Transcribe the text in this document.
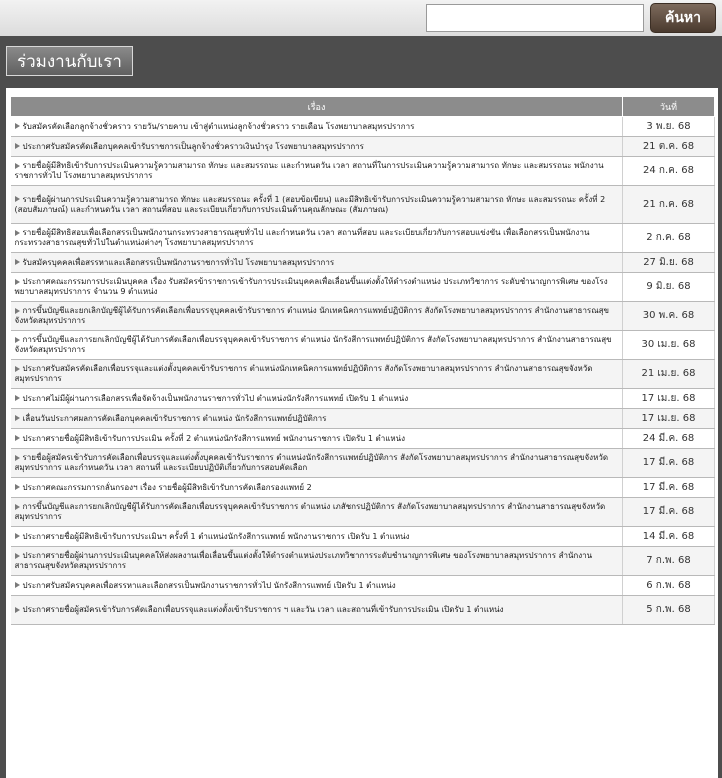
ค้นหา
ร่วมงานกับเรา
เรื่อง	วันที่
รับสมัครคัดเลือกลูกจ้างชั่วคราว รายวัน/รายคาบ เข้าสู่ตำแหน่งลูกจ้างชั่วคราว รายเดือน โรงพยาบาลสมุทรปราการ	3 พ.ย. 68
ประกาศรับสมัครคัดเลือกบุคคลเข้ารับราชการเป็นลูกจ้างชั่วคราวเงินบำรุง โรงพยาบาลสมุทรปราการ	21 ต.ค. 68
รายชื่อผู้มีสิทธิเข้ารับการประเมินความรู้ความสามารถ ทักษะ และสมรรถนะ และกำหนดวัน เวลา สถานที่ในการประเมินความรู้ความสามารถ ทักษะ และสมรรถนะ พนักงานราชการทั่วไป โรงพยาบาลสมุทรปราการ	24 ก.ค. 68
รายชื่อผู้ผ่านการประเมินความรู้ความสามารถ ทักษะ และสมรรถนะ ครั้งที่ 1 (สอบข้อเขียน) และมีสิทธิเข้ารับการประเมินความรู้ความสามารถ ทักษะ และสมรรถนะ ครั้งที่ 2 (สอบสัมภาษณ์) และกำหนดวัน เวลา สถานที่สอบ และระเบียบเกี่ยวกับการประเมินด้านคุณลักษณะ (สัมภาษณ)	21 ก.ค. 68
รายชื่อผู้มีสิทธิสอบเพื่อเลือกสรรเป็นพนักงานกระทรวงสาธารณสุขทั่วไป และกำหนดวัน เวลา สถานที่สอบ และระเบียบเกี่ยวกับการสอบแข่งขัน เพื่อเลือกสรรเป็นพนักงานกระทรวงสาธารณสุขทั่วไปในตำแหน่งต่างๆ โรงพยาบาลสมุทรปราการ	2 ก.ค. 68
รับสมัครบุคคลเพื่อสรรหาและเลือกสรรเป็นพนักงานราชการทั่วไป โรงพยาบาลสมุทรปราการ	27 มิ.ย. 68
ประกาศคณะกรรมการประเมินบุคคล เรื่อง รับสมัครข้าราชการเข้ารับการประเมินบุคคลเพื่อเลื่อนขึ้นแต่งตั้งให้ดำรงตำแหน่ง ประเภทวิชาการ ระดับชำนาญการพิเศษ ของโรงพยาบาลสมุทรปราการ จำนวน 9 ตำแหน่ง	9 มิ.ย. 68
การขึ้นบัญชีและยกเลิกบัญชีผู้ได้รับการคัดเลือกเพื่อบรรจุบุคคลเข้ารับราชการ ตำแหน่ง นักเทคนิคการแพทย์ปฏิบัติการ สังกัดโรงพยาบาลสมุทรปราการ สำนักงานสาธารณสุขจังหวัดสมุทรปราการ	30 พ.ค. 68
การขึ้นบัญชีและการยกเลิกบัญชีผู้ได้รับการคัดเลือกเพื่อบรรจุบุคคลเข้ารับราชการ ตำแหน่ง นักรังสีการแพทย์ปฏิบัติการ สังกัดโรงพยาบาลสมุทรปราการ สำนักงานสาธารณสุขจังหวัดสมุทรปราการ	30 เม.ย. 68
ประกาศรับสมัครคัดเลือกเพื่อบรรจุและแต่งตั้งบุคคลเข้ารับราชการ ตำแหน่งนักเทคนิคการแพทย์ปฏิบัติการ สังกัดโรงพยาบาลสมุทรปราการ สำนักงานสาธารณสุขจังหวัดสมุทรปราการ	21 เม.ย. 68
ประกาศไม่มีผู้ผ่านการเลือกสรรเพื่อจัดจ้างเป็นพนักงานราชการทั่วไป ตำแหน่งนักรังสีการแพทย์ เปิดรับ 1 ตำแหน่ง	17 เม.ย. 68
เลื่อนวันประกาศผลการคัดเลือกบุคคลเข้ารับราชการ ตำแหน่ง นักรังสีการแพทย์ปฏิบัติการ	17 เม.ย. 68
ประกาศรายชื่อผู้มีสิทธิเข้ารับการประเมิน ครั้งที่ 2 ตำแหน่งนักรังสีการแพทย์ พนักงานราชการ เปิดรับ 1 ตำแหน่ง	24 มี.ค. 68
รายชื่อผู้สมัครเข้ารับการคัดเลือกเพื่อบรรจุและแต่งตั้งบุคคลเข้ารับราชการ ตำแหน่งนักรังสีการแพทย์ปฏิบัติการ สังกัดโรงพยาบาลสมุทรปราการ สำนักงานสาธารณสุขจังหวัดสมุทรปราการ และกำหนดวัน เวลา สถานที่ และระเบียบปฏิบัติเกี่ยวกับการสอบคัดเลือก	17 มี.ค. 68
ประกาศคณะกรรมการกลั่นกรองฯ เรื่อง รายชื่อผู้มีสิทธิเข้ารับการคัดเลือกรองแพทย์ 2	17 มี.ค. 68
การขึ้นบัญชีและการยกเลิกบัญชีผู้ได้รับการคัดเลือกเพื่อบรรจุบุคคลเข้ารับราชการ ตำแหน่ง เภสัชกรปฏิบัติการ สังกัดโรงพยาบาลสมุทรปราการ สำนักงานสาธารณสุขจังหวัดสมุทรปราการ	17 มี.ค. 68
ประกาศรายชื่อผู้มีสิทธิเข้ารับการประเมินฯ ครั้งที่ 1 ตำแหน่งนักรังสีการแพทย์ พนักงานราชการ เปิดรับ 1 ตำแหน่ง	14 มี.ค. 68
ประกาศรายชื่อผู้ผ่านการประเมินบุคคลให้ส่งผลงานเพื่อเลื่อนขึ้นแต่งตั้งให้ดำรงตำแหน่งประเภทวิชาการระดับชำนาญการพิเศษ ของโรงพยาบาลสมุทรปราการ สำนักงานสาธารณสุขจังหวัดสมุทรปราการ	7 ก.พ. 68
ประกาศรับสมัครบุคคลเพื่อสรรหาและเลือกสรรเป็นพนักงานราชการทั่วไป นักรังสีการแพทย์ เปิดรับ 1 ตำแหน่ง	6 ก.พ. 68
ประกาศรายชื่อผู้สมัครเข้ารับการคัดเลือกเพื่อบรรจุและแต่งตั้งเข้ารับราชการ ฯ และวัน เวลา และสถานที่เข้ารับการประเมิน เปิดรับ 1 ตำแหน่ง	5 ก.พ. 68
